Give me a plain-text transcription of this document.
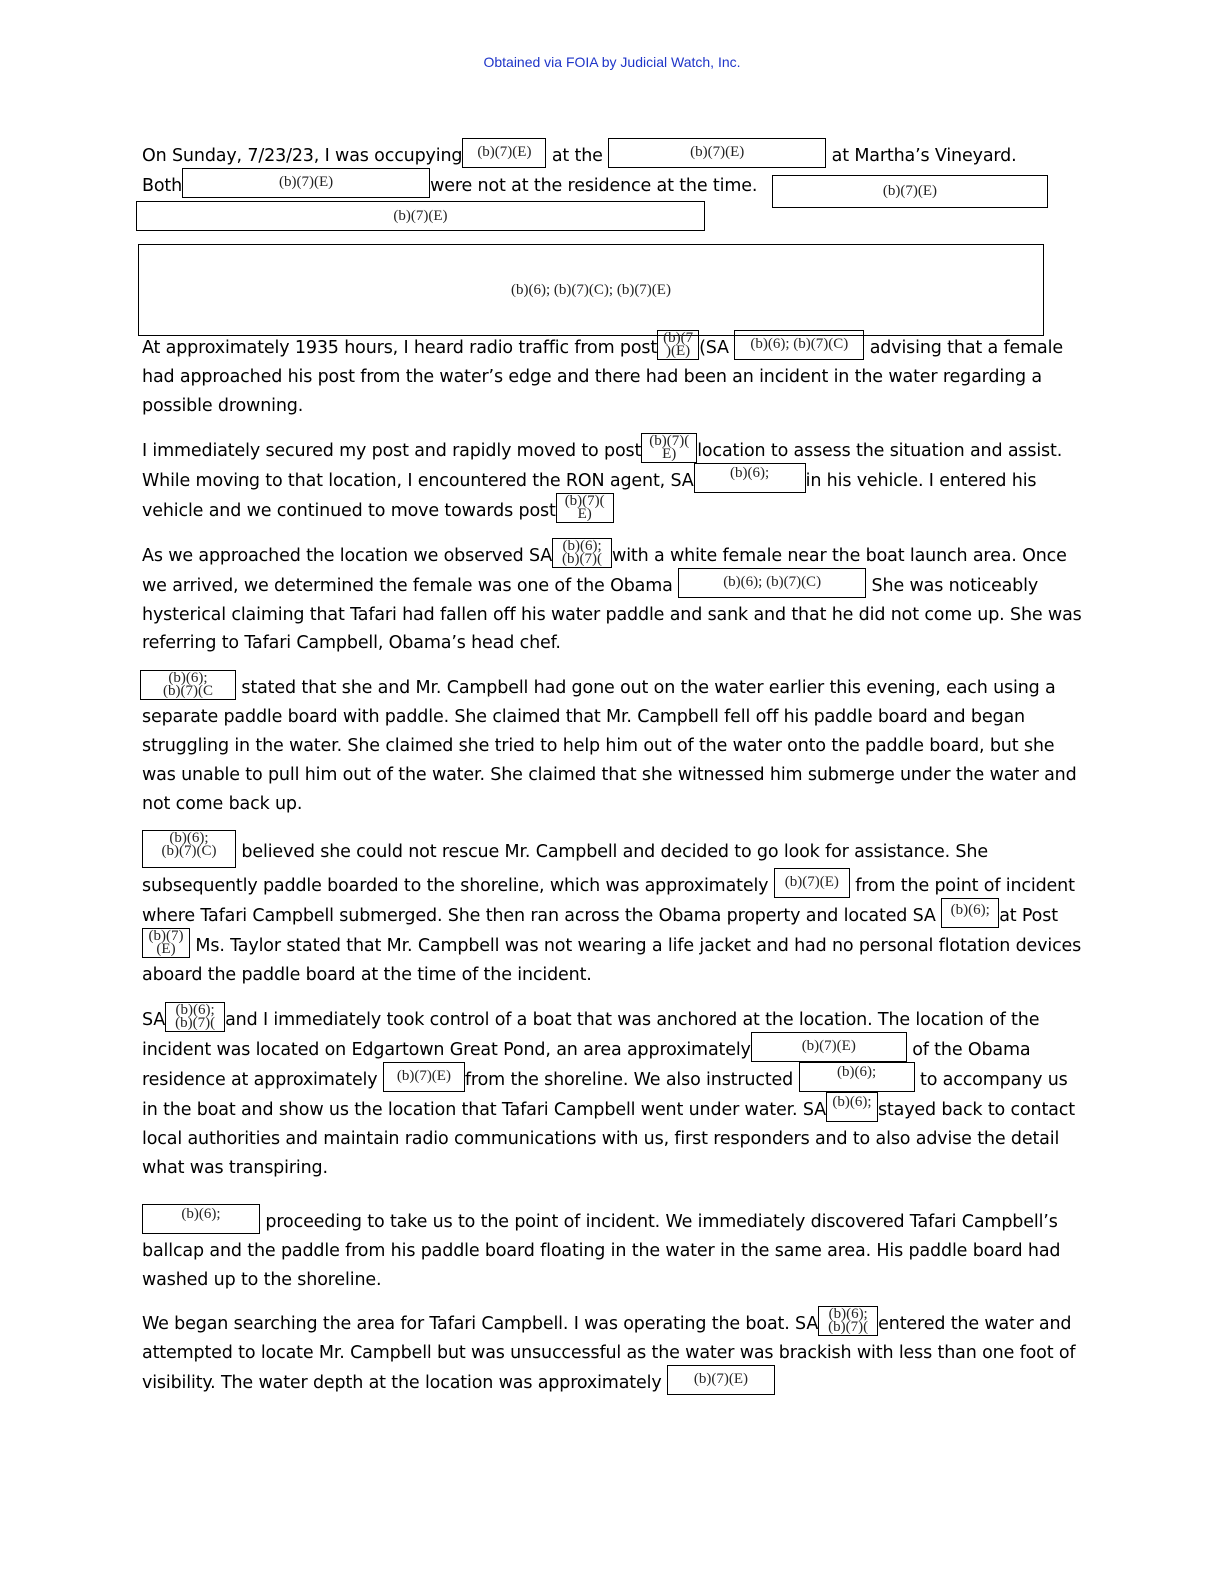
Obtained via FOIA by Judicial Watch, Inc.
(b)(7)(E)
(b)(7)(E)
(b)(6); (b)(7)(C); (b)(7)(E)

On Sunday, 7/23/23, I was occupying (b)(7)(E) at the	(b)(7)(E)	at Martha’s Vineyard.
Both	(b)(7)(E)	were not at the residence at the time.

At approximately 1935 hours, I heard radio traffic from post (b)(7
)(E) (SA (b)(6); (b)(7)(C) advising that a female had approached his post from the water’s edge and there had been an incident in the water regarding a possible drowning.

I immediately secured my post and rapidly moved to post (b)(7)(
E) location to assess the situation and assist. While moving to that location, I encountered the RON agent, SA (b)(6); in his vehicle. I entered his vehicle and we continued to move towards post (b)(7)(
E)

As we approached the location we observed SA (b)(6);
(b)(7)( with a white female near the boat launch area. Once we arrived, we determined the female was one of the Obama	(b)(6); (b)(7)(C)	She was noticeably hysterical claiming that Tafari had fallen off his water paddle and sank and that he did not come up. She was referring to Tafari Campbell, Obama’s head chef.

(b)(6);
(b)(7)(C stated that she and Mr. Campbell had gone out on the water earlier this evening, each using a separate paddle board with paddle. She claimed that Mr. Campbell fell off his paddle board and began struggling in the water. She claimed she tried to help him out of the water onto the paddle board, but she was unable to pull him out of the water. She claimed that she witnessed him submerge under the water and not come back up.

(b)(6);
(b)(7)(C) believed she could not rescue Mr. Campbell and decided to go look for assistance. She subsequently paddle boarded to the shoreline, which was approximately (b)(7)(E) from the point of incident where Tafari Campbell submerged. She then ran across the Obama property and located SA (b)(6); at Post(b)(7)
(E) Ms. Taylor stated that Mr. Campbell was not wearing a life jacket and had no personal flotation devices aboard the paddle board at the time of the incident.

SA (b)(6);
(b)(7)( and I immediately took control of a boat that was anchored at the location. The location of the incident was located on Edgartown Great Pond, an area approximately	(b)(7)(E)	of the Obama residence at approximately (b)(7)(E) from the shoreline. We also instructed	(b)(6);	to accompany us in the boat and show us the location that Tafari Campbell went under water. SA (b)(6); stayed back to contact local authorities and maintain radio communications with us, first responders and to also advise the detail what was transpiring.

(b)(6);	proceeding to take us to the point of incident. We immediately discovered Tafari Campbell’s ballcap and the paddle from his paddle board floating in the water in the same area. His paddle board had washed up to the shoreline.

We began searching the area for Tafari Campbell. I was operating the boat. SA (b)(6);
(b)(7)( entered the water and attempted to locate Mr. Campbell but was unsuccessful as the water was brackish with less than one foot of visibility. The water depth at the location was approximately (b)(7)(E)
